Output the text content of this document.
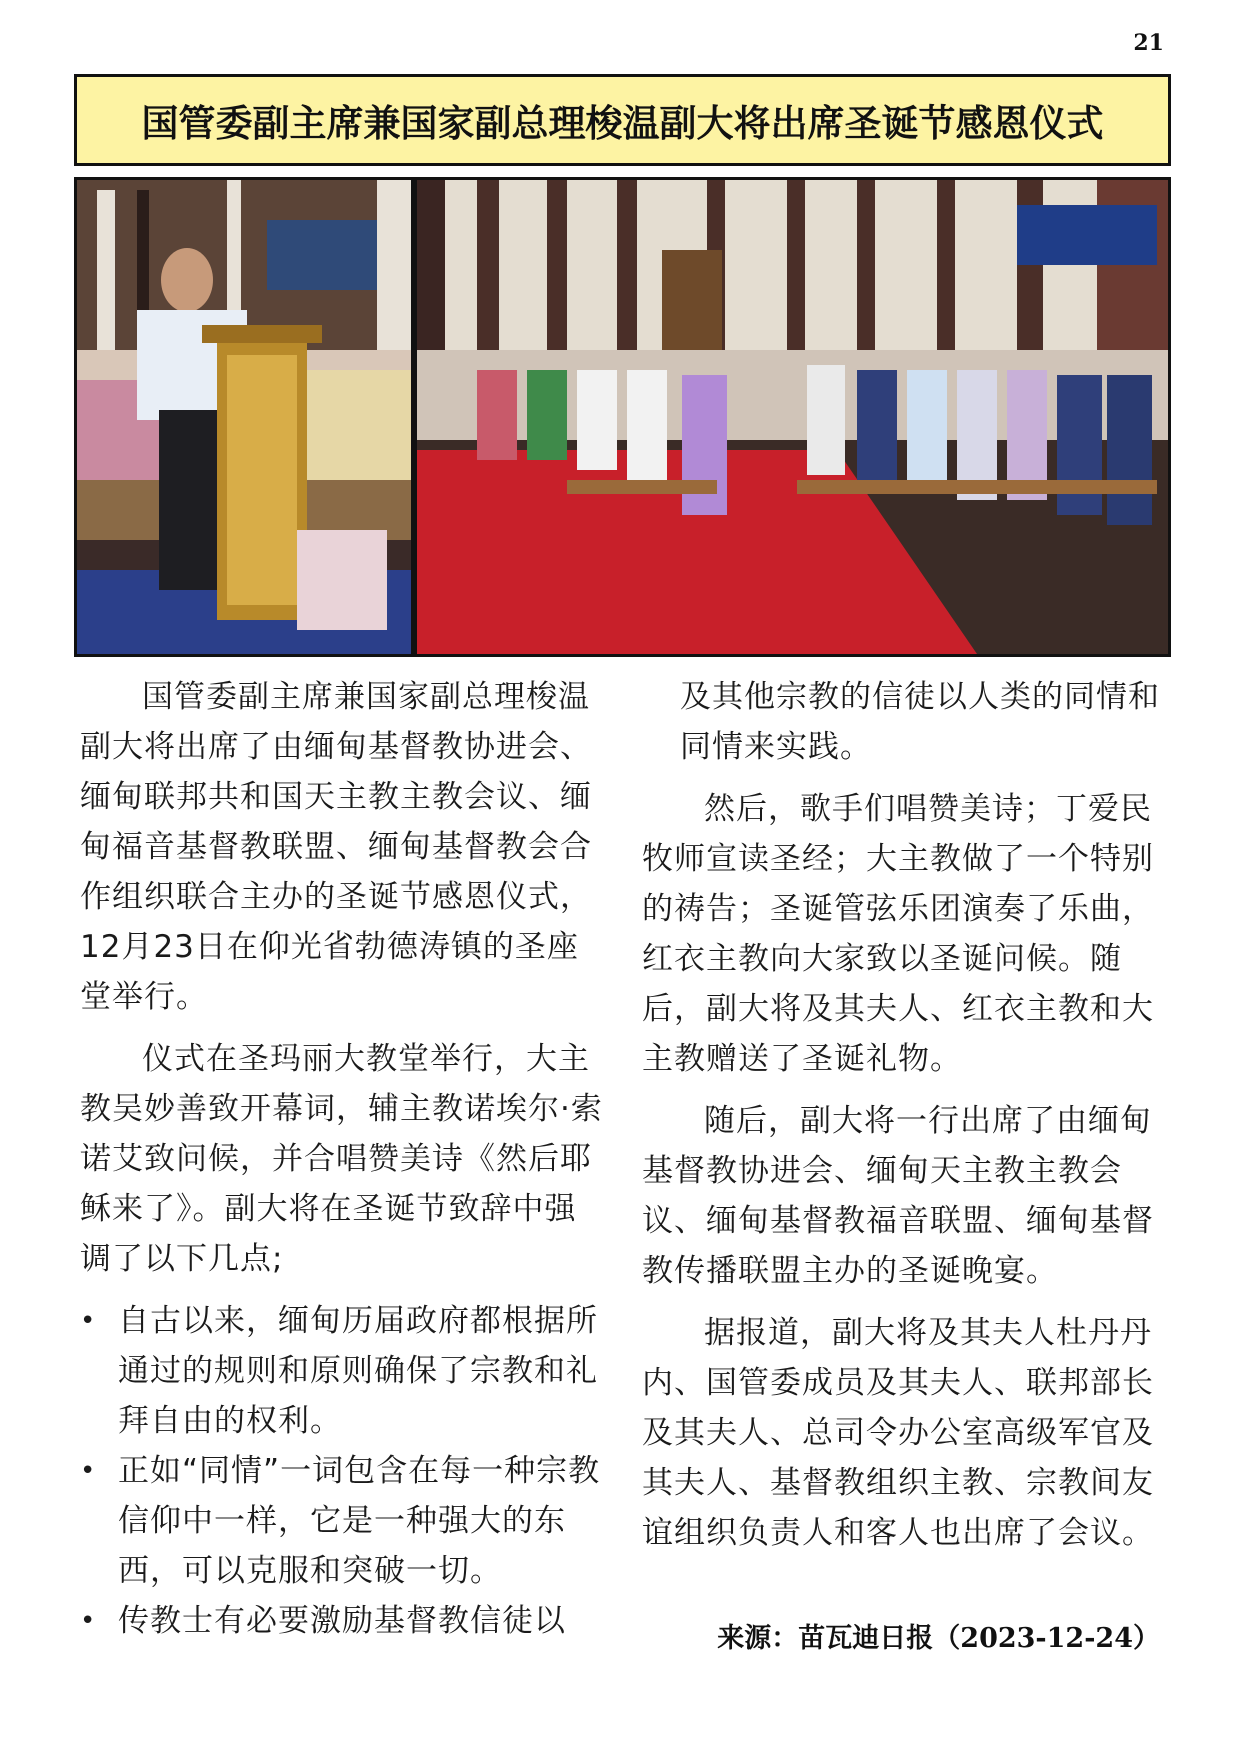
21
国管委副主席兼国家副总理梭温副大将出席圣诞节感恩仪式

国管委副主席兼国家副总理梭温副大将出席了由缅甸基督教协进会、缅甸联邦共和国天主教主教会议、缅甸福音基督教联盟、缅甸基督教会合作组织联合主办的圣诞节感恩仪式，12月23日在仰光省勃德涛镇的圣座堂举行。

仪式在圣玛丽大教堂举行，大主教吴妙善致开幕词，辅主教诺埃尔·索诺艾致问候，并合唱赞美诗《然后耶稣来了》。副大将在圣诞节致辞中强调了以下几点;

• 自古以来，缅甸历届政府都根据所通过的规则和原则确保了宗教和礼拜自由的权利。
• 正如“同情”一词包含在每一种宗教信仰中一样，它是一种强大的东西，可以克服和突破一切。
• 传教士有必要激励基督教信徒以

及其他宗教的信徒以人类的同情和同情来实践。

然后，歌手们唱赞美诗；丁爱民牧师宣读圣经；大主教做了一个特别的祷告；圣诞管弦乐团演奏了乐曲，红衣主教向大家致以圣诞问候。随后，副大将及其夫人、红衣主教和大主教赠送了圣诞礼物。

随后，副大将一行出席了由缅甸基督教协进会、缅甸天主教主教会议、缅甸基督教福音联盟、缅甸基督教传播联盟主办的圣诞晚宴。

据报道，副大将及其夫人杜丹丹内、国管委成员及其夫人、联邦部长及其夫人、总司令办公室高级军官及其夫人、基督教组织主教、宗教间友谊组织负责人和客人也出席了会议。

来源：苗瓦迪日报（2023-12-24）
